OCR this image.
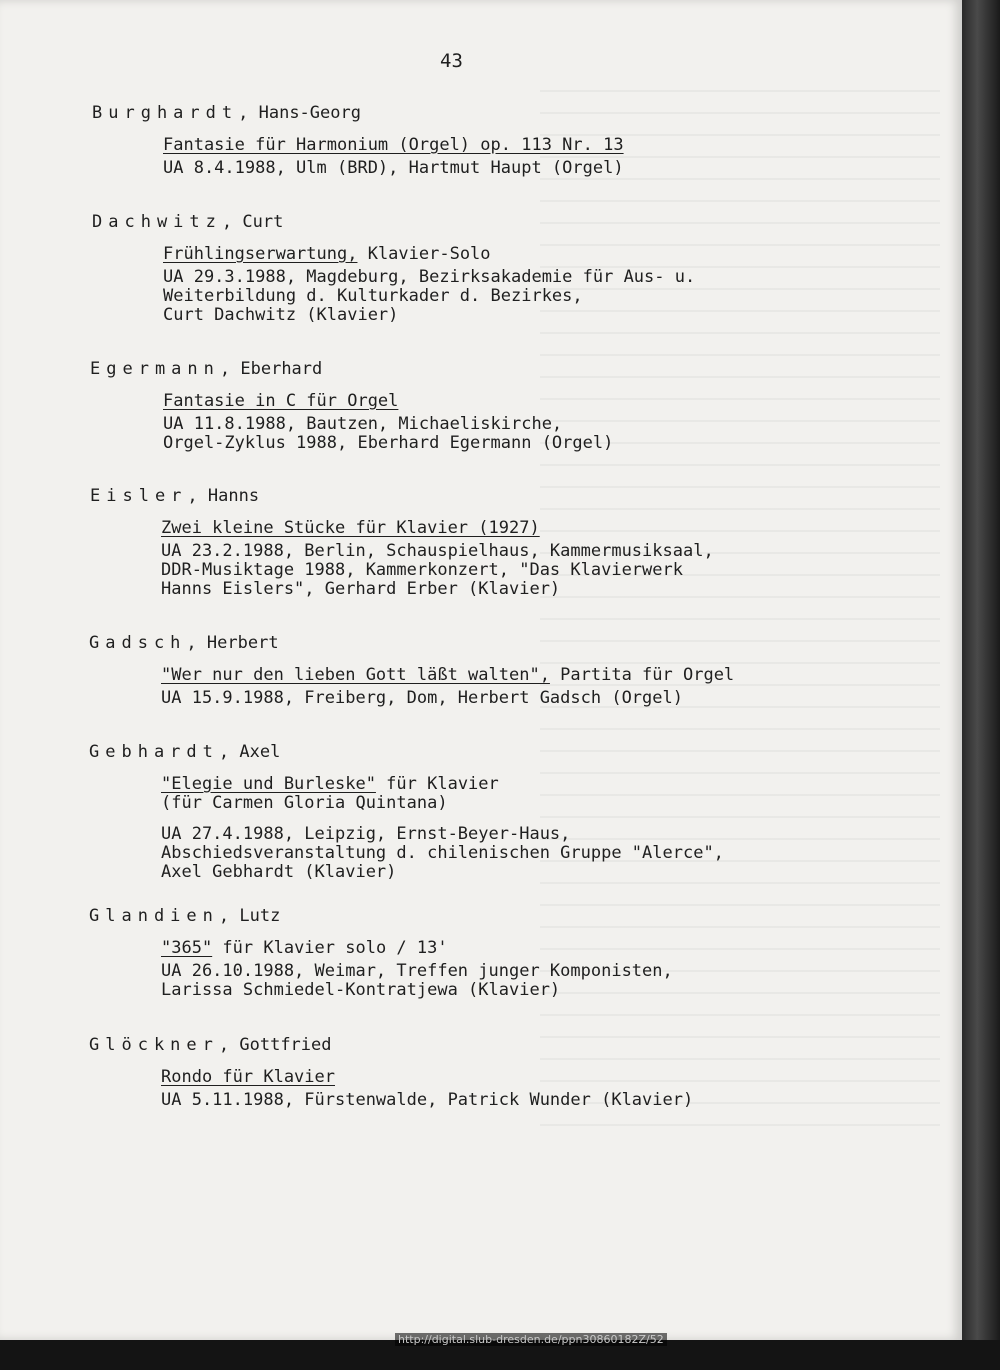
43
Burghardt, Hans-Georg
Fantasie für Harmonium (Orgel) op. 113 Nr. 13
UA 8.4.1988, Ulm (BRD), Hartmut Haupt (Orgel)
Dachwitz, Curt
Frühlingserwartung, Klavier-Solo
UA 29.3.1988, Magdeburg, Bezirksakademie für Aus- u.
Weiterbildung d. Kulturkader d. Bezirkes,
Curt Dachwitz (Klavier)
Egermann, Eberhard
Fantasie in C für Orgel
UA 11.8.1988, Bautzen, Michaeliskirche,
Orgel-Zyklus 1988, Eberhard Egermann (Orgel)
Eisler, Hanns
Zwei kleine Stücke für Klavier (1927)
UA 23.2.1988, Berlin, Schauspielhaus, Kammermusiksaal,
DDR-Musiktage 1988, Kammerkonzert, "Das Klavierwerk
Hanns Eislers", Gerhard Erber (Klavier)
Gadsch, Herbert
"Wer nur den lieben Gott läßt walten", Partita für Orgel
UA 15.9.1988, Freiberg, Dom, Herbert Gadsch (Orgel)
Gebhardt, Axel
"Elegie und Burleske" für Klavier
(für Carmen Gloria Quintana)
UA 27.4.1988, Leipzig, Ernst-Beyer-Haus,
Abschiedsveranstaltung d. chilenischen Gruppe "Alerce",
Axel Gebhardt (Klavier)
Glandien, Lutz
"365" für Klavier solo / 13'
UA 26.10.1988, Weimar, Treffen junger Komponisten,
Larissa Schmiedel-Kontratjewa (Klavier)
Glöckner, Gottfried
Rondo für Klavier
UA 5.11.1988, Fürstenwalde, Patrick Wunder (Klavier)
http://digital.slub-dresden.de/ppn30860182Z/52
